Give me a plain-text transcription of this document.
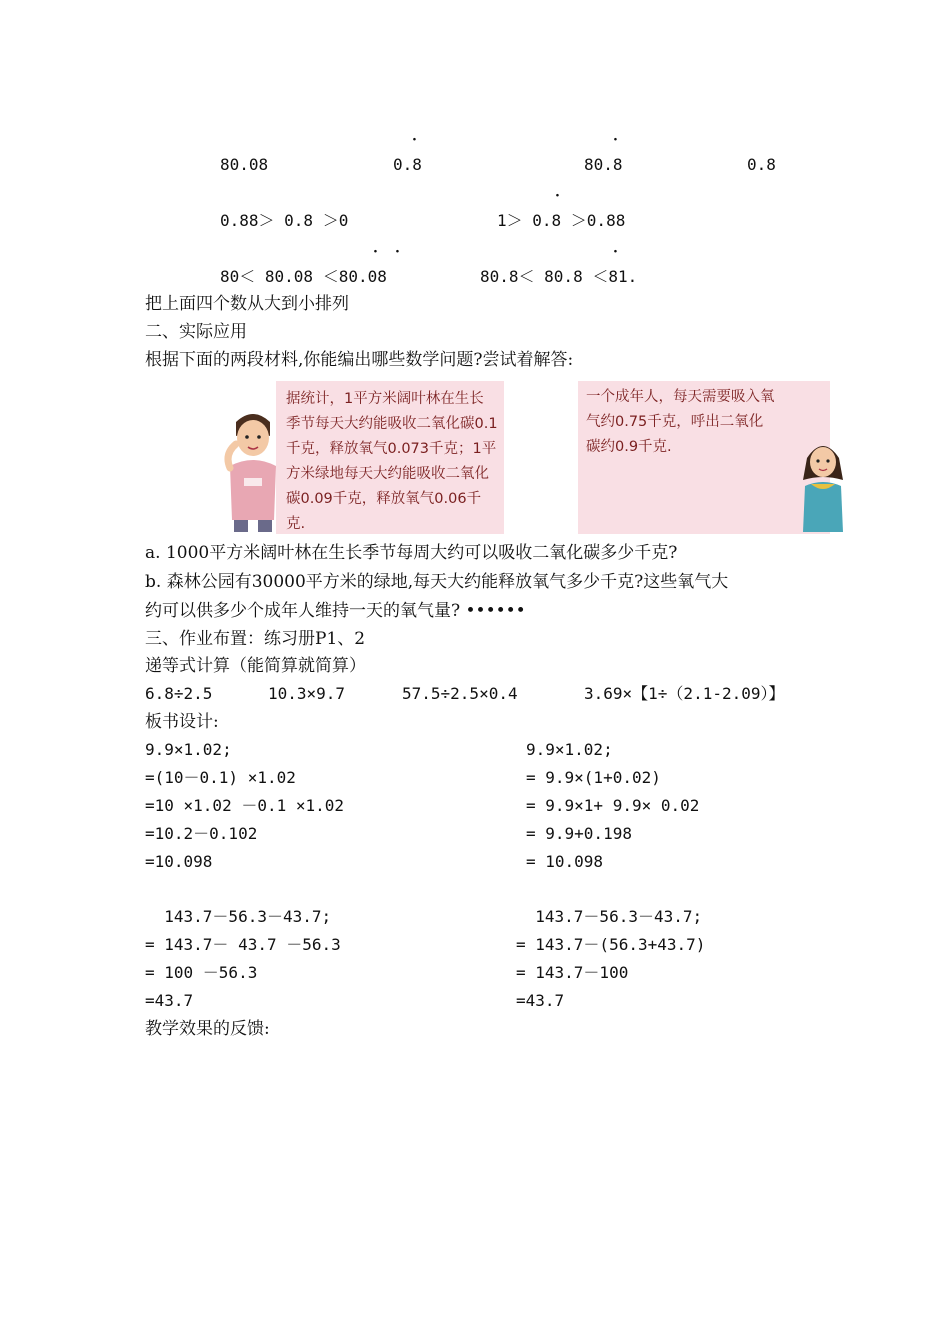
·	·
·
· ·	·
80.08	0.8	80.8	0.8
0.88＞ 0.8 ＞0	1＞ 0.8 ＞0.88
80＜ 80.08 ＜80.08	80.8＜ 80.8 ＜81.
把上面四个数从大到小排列
二、实际应用
根据下面的两段材料,你能编出哪些数学问题?尝试着解答:
据统计，1平方米阔叶林在生长季节每天大约能吸收二氧化碳0.1千克，释放氧气0.073千克；1平方米绿地每天大约能吸收二氧化碳0.09千克，释放氧气0.06千克.
一个成年人，每天需要吸入氧气约0.75千克，呼出二氧化碳约0.9千克.
a. 1000平方米阔叶林在生长季节每周大约可以吸收二氧化碳多少千克?
b. 森林公园有30000平方米的绿地,每天大约能释放氧气多少千克?这些氧气大
约可以供多少个成年人维持一天的氧气量? ••••••
三、作业布置：练习册P1、2
递等式计算（能简算就简算）
6.8÷2.5	10.3×9.7	57.5÷2.5×0.4	3.69×【1÷（2.1-2.09）】
板书设计:
9.9×1.02;
=(10－0.1) ×1.02
=10 ×1.02 －0.1 ×1.02
=10.2－0.102
=10.098
9.9×1.02;
= 9.9×(1+0.02)
= 9.9×1+ 9.9× 0.02
= 9.9+0.198
= 10.098
143.7－56.3－43.7;
= 143.7－ 43.7 －56.3
= 100 －56.3
=43.7
143.7－56.3－43.7;
= 143.7－(56.3+43.7)
= 143.7－100
=43.7
教学效果的反馈:
